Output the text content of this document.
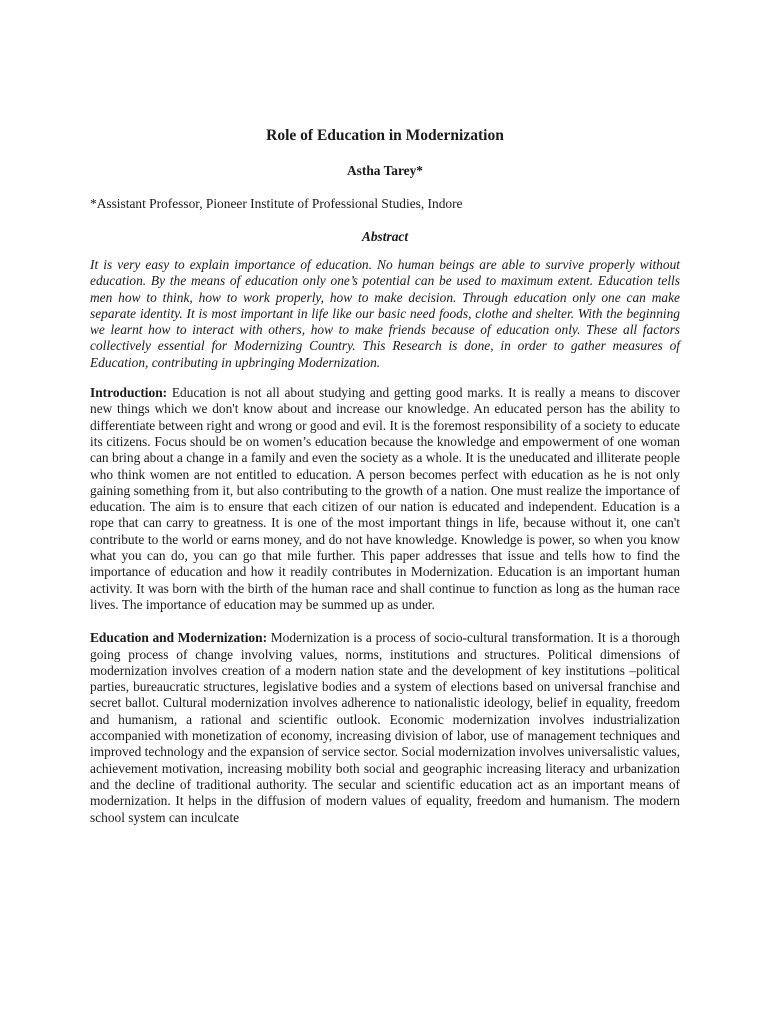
Role of Education in Modernization

Astha Tarey*

*Assistant Professor, Pioneer Institute of Professional Studies, Indore

Abstract

It is very easy to explain importance of education. No human beings are able to survive properly without education. By the means of education only one’s potential can be used to maximum extent. Education tells men how to think, how to work properly, how to make decision. Through education only one can make separate identity. It is most important in life like our basic need foods, clothe and shelter. With the beginning we learnt how to interact with others, how to make friends because of education only. These all factors collectively essential for Modernizing Country. This Research is done, in order to gather measures of Education, contributing in upbringing Modernization.

Introduction: Education is not all about studying and getting good marks. It is really a means to discover new things which we don't know about and increase our knowledge. An educated person has the ability to differentiate between right and wrong or good and evil. It is the foremost responsibility of a society to educate its citizens. Focus should be on women’s education because the knowledge and empowerment of one woman can bring about a change in a family and even the society as a whole. It is the uneducated and illiterate people who think women are not entitled to education. A person becomes perfect with education as he is not only gaining something from it, but also contributing to the growth of a nation. One must realize the importance of education. The aim is to ensure that each citizen of our nation is educated and independent. Education is a rope that can carry to greatness. It is one of the most important things in life, because without it, one can't contribute to the world or earns money, and do not have knowledge. Knowledge is power, so when you know what you can do, you can go that mile further. This paper addresses that issue and tells how to find the importance of education and how it readily contributes in Modernization. Education is an important human activity. It was born with the birth of the human race and shall continue to function as long as the human race lives. The importance of education may be summed up as under.

Education and Modernization: Modernization is a process of socio-cultural transformation. It is a thorough going process of change involving values, norms, institutions and structures. Political dimensions of modernization involves creation of a modern nation state and the development of key institutions –political parties, bureaucratic structures, legislative bodies and a system of elections based on universal franchise and secret ballot. Cultural modernization involves adherence to nationalistic ideology, belief in equality, freedom and humanism, a rational and scientific outlook. Economic modernization involves industrialization accompanied with monetization of economy, increasing division of labor, use of management techniques and improved technology and the expansion of service sector. Social modernization involves universalistic values, achievement motivation, increasing mobility both social and geographic increasing literacy and urbanization and the decline of traditional authority. The secular and scientific education act as an important means of modernization. It helps in the diffusion of modern values of equality, freedom and humanism. The modern school system can inculcate
